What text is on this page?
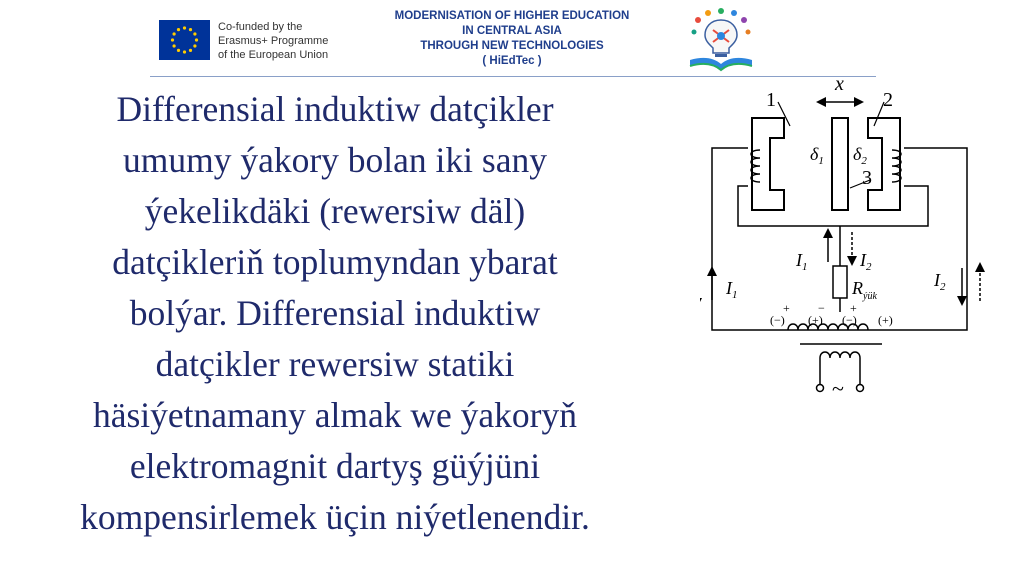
Co-funded by the
Erasmus+ Programme
of the European Union
MODERNISATION OF HIGHER EDUCATION
IN CENTRAL ASIA
THROUGH NEW TECHNOLOGIES
( HiEdTec )

Differensial induktiw datçikler

umumy ýakory bolan iki sany

ýekelikdäki (rewersiw däl)

datçikleriň toplumyndan ybarat

bolýar. Differensial induktiw

datçikler rewersiw statiki

häsiýetnamany almak we ýakoryň

elektromagnit dartyş güýjüni

kompensirlemek üçin niýetlenendir.

1	2
3
x
$\delta_1$ $\delta_2$
$I_1$
$I_1$	$I_2$
$I_2$
$R_{ýük}$
+ − +
(−) (+) (−) (+)
~
